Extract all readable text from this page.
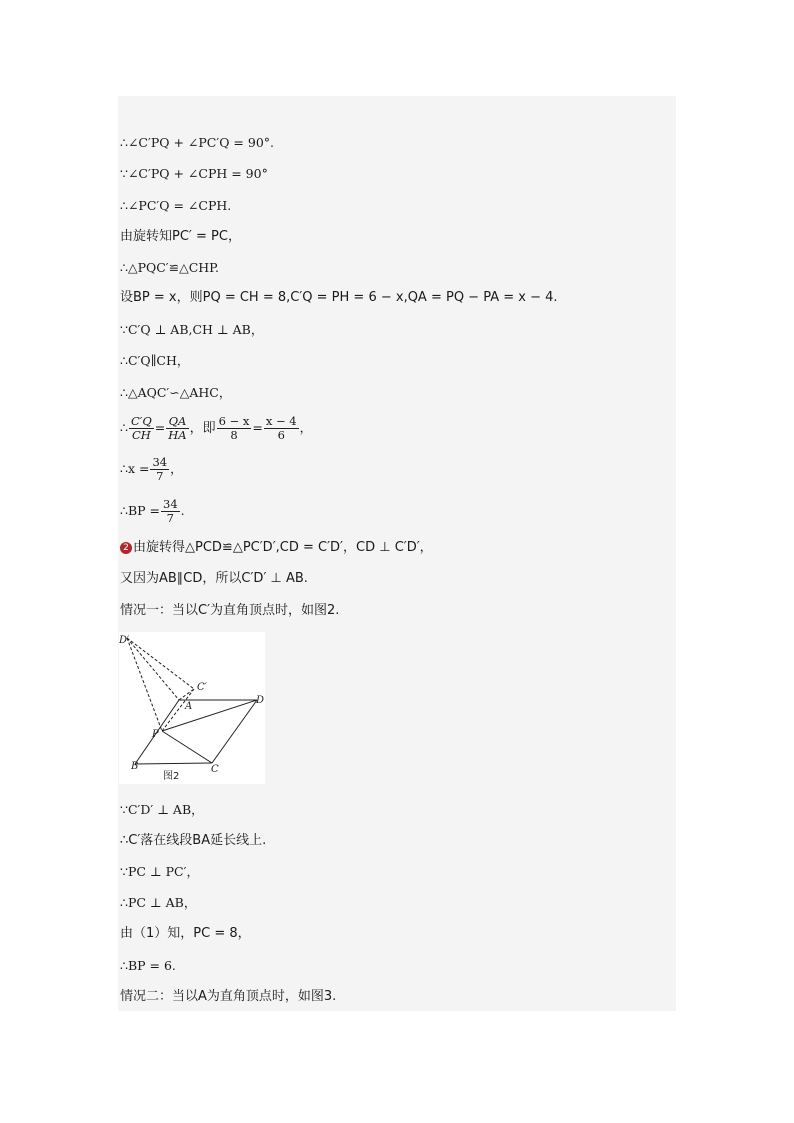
∴∠C′PQ + ∠PC′Q = 90°.
∵∠C′PQ + ∠CPH = 90°
∴∠PC′Q = ∠CPH.
由旋转知PC′ = PC，
∴△PQC′≌△CHP.
设BP = x，则PQ = CH = 8,C′Q = PH = 6 − x,QA = PQ − PA = x − 4.
∵C′Q ⊥ AB,CH ⊥ AB，
∴C′Q∥CH，
∴△AQC′∽△AHC，
∴ $\frac{C'Q}{CH} = \frac{QA}{HA}$ ，即 $\frac{6 - x}{8} = \frac{x - 4}{6}$ ，
∴x = $\frac{34}{7}$ ，
∴BP = $\frac{34}{7}$ .
2 由旋转得△PCD≌△PC′D′,CD = C′D′，CD ⊥ C′D′，
又因为AB∥CD，所以C′D′ ⊥ AB.
情况一：当以C′为直角顶点时，如图2.
D′
C′
A
D
P
B	C
图2
∵C′D′ ⊥ AB，
∴C′落在线段BA延长线上.
∵PC ⊥ PC′，
∴PC ⊥ AB，
由（1）知，PC = 8，
∴BP = 6.
情况二：当以A为直角顶点时，如图3.
